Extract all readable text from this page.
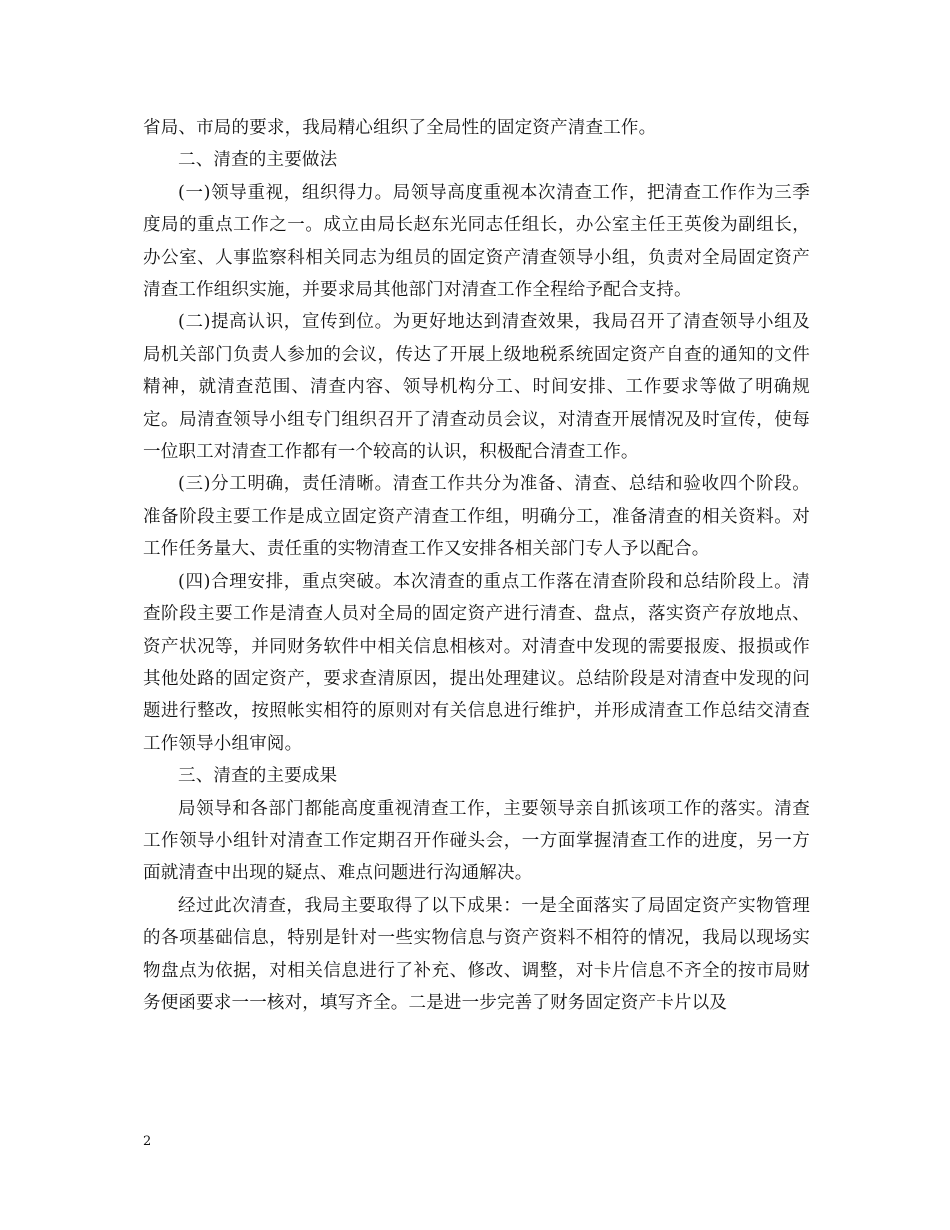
省局、市局的要求，我局精心组织了全局性的固定资产清查工作。

二、清查的主要做法

(一)领导重视，组织得力。局领导高度重视本次清查工作，把清查工作作为三季度局的重点工作之一。成立由局长赵东光同志任组长，办公室主任王英俊为副组长，办公室、人事监察科相关同志为组员的固定资产清查领导小组，负责对全局固定资产清查工作组织实施，并要求局其他部门对清查工作全程给予配合支持。

(二)提高认识，宣传到位。为更好地达到清查效果，我局召开了清查领导小组及局机关部门负责人参加的会议，传达了开展上级地税系统固定资产自查的通知的文件精神，就清查范围、清查内容、领导机构分工、时间安排、工作要求等做了明确规定。局清查领导小组专门组织召开了清查动员会议，对清查开展情况及时宣传，使每一位职工对清查工作都有一个较高的认识，积极配合清查工作。

(三)分工明确，责任清晰。清查工作共分为准备、清查、总结和验收四个阶段。准备阶段主要工作是成立固定资产清查工作组，明确分工，准备清查的相关资料。对工作任务量大、责任重的实物清查工作又安排各相关部门专人予以配合。

(四)合理安排，重点突破。本次清查的重点工作落在清查阶段和总结阶段上。清查阶段主要工作是清查人员对全局的固定资产进行清查、盘点，落实资产存放地点、资产状况等，并同财务软件中相关信息相核对。对清查中发现的需要报废、报损或作其他处路的固定资产，要求查清原因，提出处理建议。总结阶段是对清查中发现的问题进行整改，按照帐实相符的原则对有关信息进行维护，并形成清查工作总结交清查工作领导小组审阅。

三、清查的主要成果

局领导和各部门都能高度重视清查工作，主要领导亲自抓该项工作的落实。清查工作领导小组针对清查工作定期召开作碰头会，一方面掌握清查工作的进度，另一方面就清查中出现的疑点、难点问题进行沟通解决。

经过此次清查，我局主要取得了以下成果：一是全面落实了局固定资产实物管理的各项基础信息，特别是针对一些实物信息与资产资料不相符的情况，我局以现场实物盘点为依据，对相关信息进行了补充、修改、调整，对卡片信息不齐全的按市局财务便函要求一一核对，填写齐全。二是进一步完善了财务固定资产卡片以及

2
